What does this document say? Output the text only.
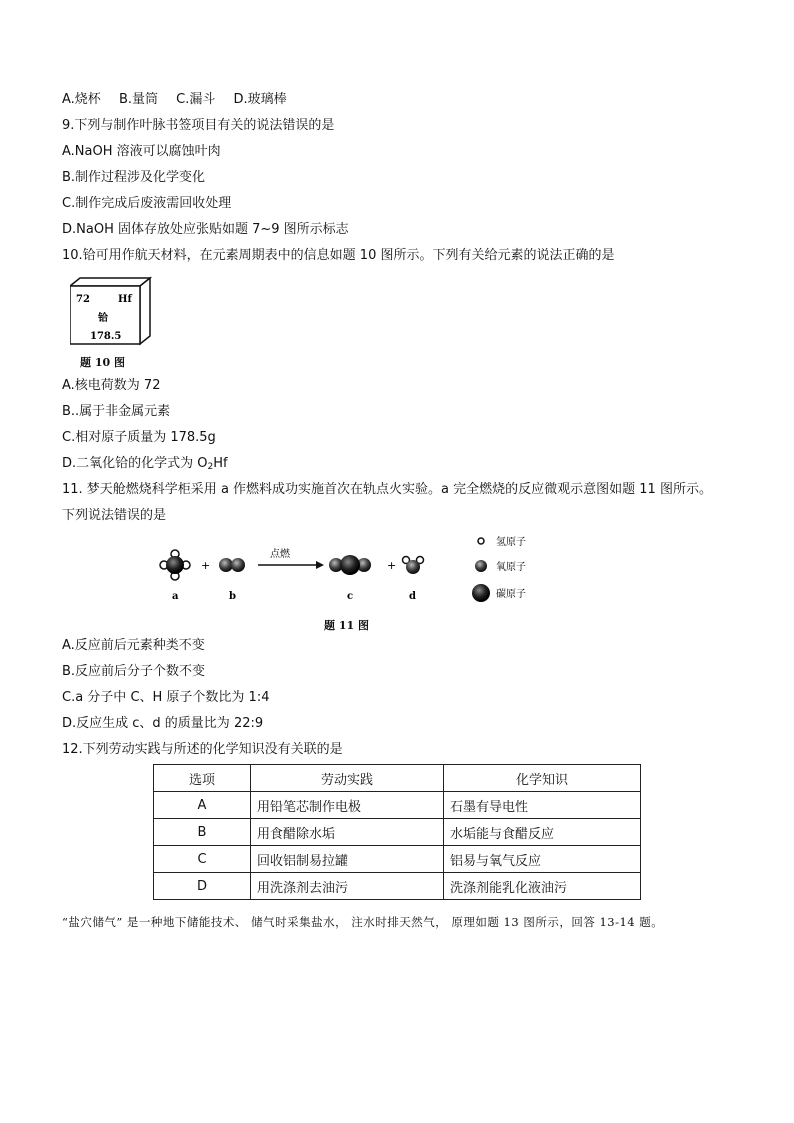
A.烧杯 B.量筒 C.漏斗 D.玻璃棒
9.下列与制作叶脉书签项目有关的说法错误的是
A.NaOH 溶液可以腐蚀叶肉
B.制作过程涉及化学变化
C.制作完成后废液需回收处理
D.NaOH 固体存放处应张贴如题 7~9 图所示标志
10.铪可用作航天材料，在元素周期表中的信息如题 10 图所示。下列有关给元素的说法正确的是
72	Hf
铪
178.5
题 10 图
A.核电荷数为 72
B..属于非金属元素
C.相对原子质量为 178.5g
D.二氧化铪的化学式为 $O_2Hf$
11. 梦天舱燃烧科学柜采用 a 作燃料成功实施首次在轨点火实验。a 完全燃烧的反应微观示意图如题 11 图所示。
下列说法错误的是
a
+
b
点燃
c
+
d
氢原子
氧原子
碳原子
题 11 图
A.反应前后元素种类不变
B.反应前后分子个数不变
C.a 分子中 C、H 原子个数比为 1:4
D.反应生成 c、d 的质量比为 22:9
12.下列劳动实践与所述的化学知识没有关联的是
选项	劳动实践	化学知识
A	用铅笔芯制作电极	石墨有导电性
B	用食醋除水垢	水垢能与食醋反应
C	回收铝制易拉罐	铝易与氧气反应
D	用洗涤剂去油污	洗涤剂能乳化液油污
“盐穴储气” 是一种地下储能技术、 储气时采集盐水， 注水时排天然气， 原理如题 13 图所示，回答 13-14 题。
